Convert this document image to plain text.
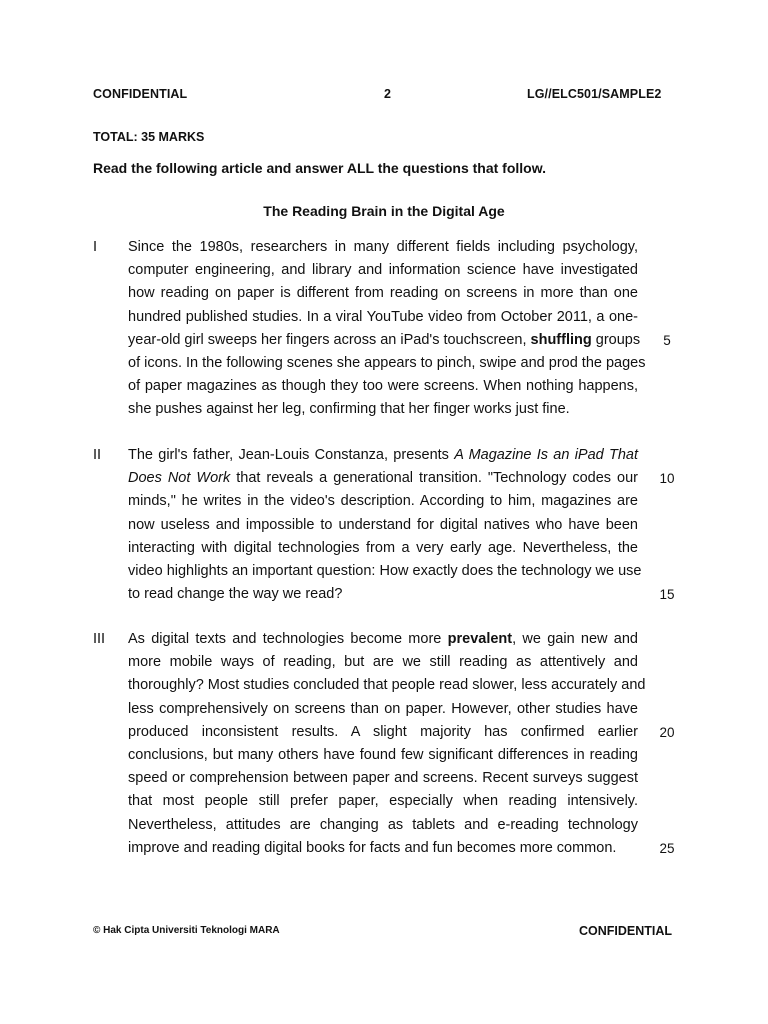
CONFIDENTIAL	2	LG//ELC501/SAMPLE2
TOTAL: 35 MARKS
Read the following article and answer ALL the questions that follow.
The Reading Brain in the Digital Age
I	Since the 1980s, researchers in many different fields including psychology,
computer engineering, and library and information science have investigated
how reading on paper is different from reading on screens in more than one
hundred published studies. In a viral YouTube video from October 2011, a one-
year-old girl sweeps her fingers across an iPad's touchscreen, shuffling groups
of icons. In the following scenes she appears to pinch, swipe and prod the pages
of paper magazines as though they too were screens. When nothing happens,
she pushes against her leg, confirming that her finger works just fine.
II	The girl's father, Jean-Louis Constanza, presents A Magazine Is an iPad That
Does Not Work that reveals a generational transition. "Technology codes our
minds," he writes in the video's description. According to him, magazines are
now useless and impossible to understand for digital natives who have been
interacting with digital technologies from a very early age. Nevertheless, the
video highlights an important question: How exactly does the technology we use
to read change the way we read?
III	As digital texts and technologies become more prevalent, we gain new and
more mobile ways of reading, but are we still reading as attentively and
thoroughly? Most studies concluded that people read slower, less accurately and
less comprehensively on screens than on paper. However, other studies have
produced inconsistent results. A slight majority has confirmed earlier
conclusions, but many others have found few significant differences in reading
speed or comprehension between paper and screens. Recent surveys suggest
that most people still prefer paper, especially when reading intensively.
Nevertheless, attitudes are changing as tablets and e-reading technology
improve and reading digital books for facts and fun becomes more common.
© Hak Cipta Universiti Teknologi MARA	CONFIDENTIAL
5
10
15
20
25
